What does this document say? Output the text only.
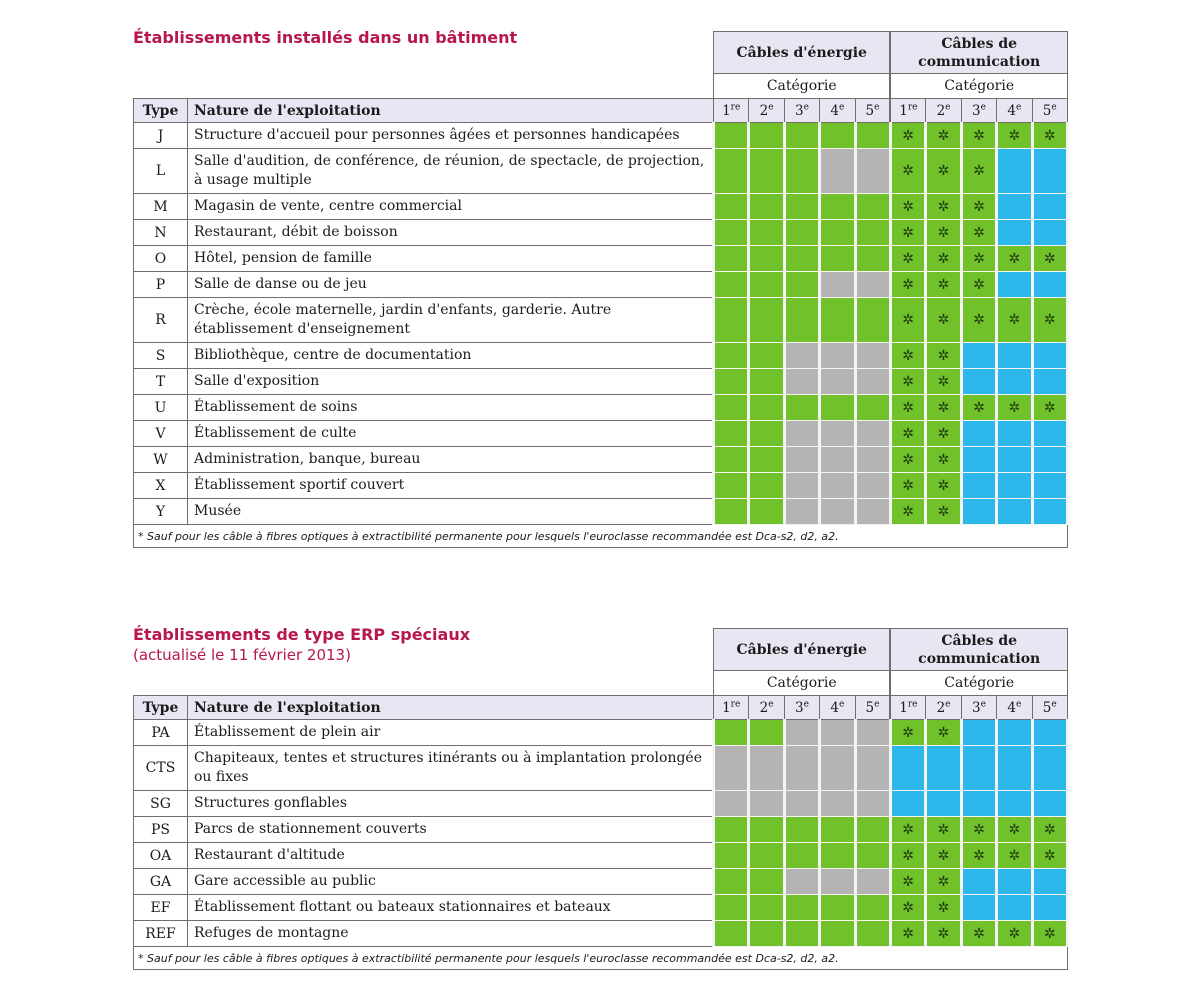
Établissements installés dans un bâtiment
		Câbles d'énergie					Câbles de communication				
		Catégorie					Catégorie				
Type	Nature de l'exploitation	1re	2e	3e	4e	5e	1re	2e	3e	4e	5e
J	Structure d'accueil pour personnes âgées et personnes handicapées						✲	✲	✲	✲	✲
L	Salle d'audition, de conférence, de réunion, de spectacle, de projection, à usage multiple						✲	✲	✲		
M	Magasin de vente, centre commercial						✲	✲	✲		
N	Restaurant, débit de boisson						✲	✲	✲		
O	Hôtel, pension de famille						✲	✲	✲	✲	✲
P	Salle de danse ou de jeu						✲	✲	✲		
R	Crèche, école maternelle, jardin d'enfants, garderie. Autre établissement d'enseignement						✲	✲	✲	✲	✲
S	Bibliothèque, centre de documentation						✲	✲			
T	Salle d'exposition						✲	✲			
U	Établissement de soins						✲	✲	✲	✲	✲
V	Établissement de culte						✲	✲			
W	Administration, banque, bureau						✲	✲			
X	Établissement sportif couvert						✲	✲			
Y	Musée						✲	✲			
* Sauf pour les câble à fibres optiques à extractibilité permanente pour lesquels l'euroclasse recommandée est Dca-s2, d2, a2.											
Établissements de type ERP spéciaux
(actualisé le 11 février 2013)
		Câbles d'énergie					Câbles de communication				
		Catégorie					Catégorie				
Type	Nature de l'exploitation	1re	2e	3e	4e	5e	1re	2e	3e	4e	5e
PA	Établissement de plein air						✲	✲			
CTS	Chapiteaux, tentes et structures itinérants ou à implantation prolongée ou fixes										
SG	Structures gonflables										
PS	Parcs de stationnement couverts						✲	✲	✲	✲	✲
OA	Restaurant d'altitude						✲	✲	✲	✲	✲
GA	Gare accessible au public						✲	✲			
EF	Établissement flottant ou bateaux stationnaires et bateaux						✲	✲			
REF	Refuges de montagne						✲	✲	✲	✲	✲
* Sauf pour les câble à fibres optiques à extractibilité permanente pour lesquels l'euroclasse recommandée est Dca-s2, d2, a2.											
